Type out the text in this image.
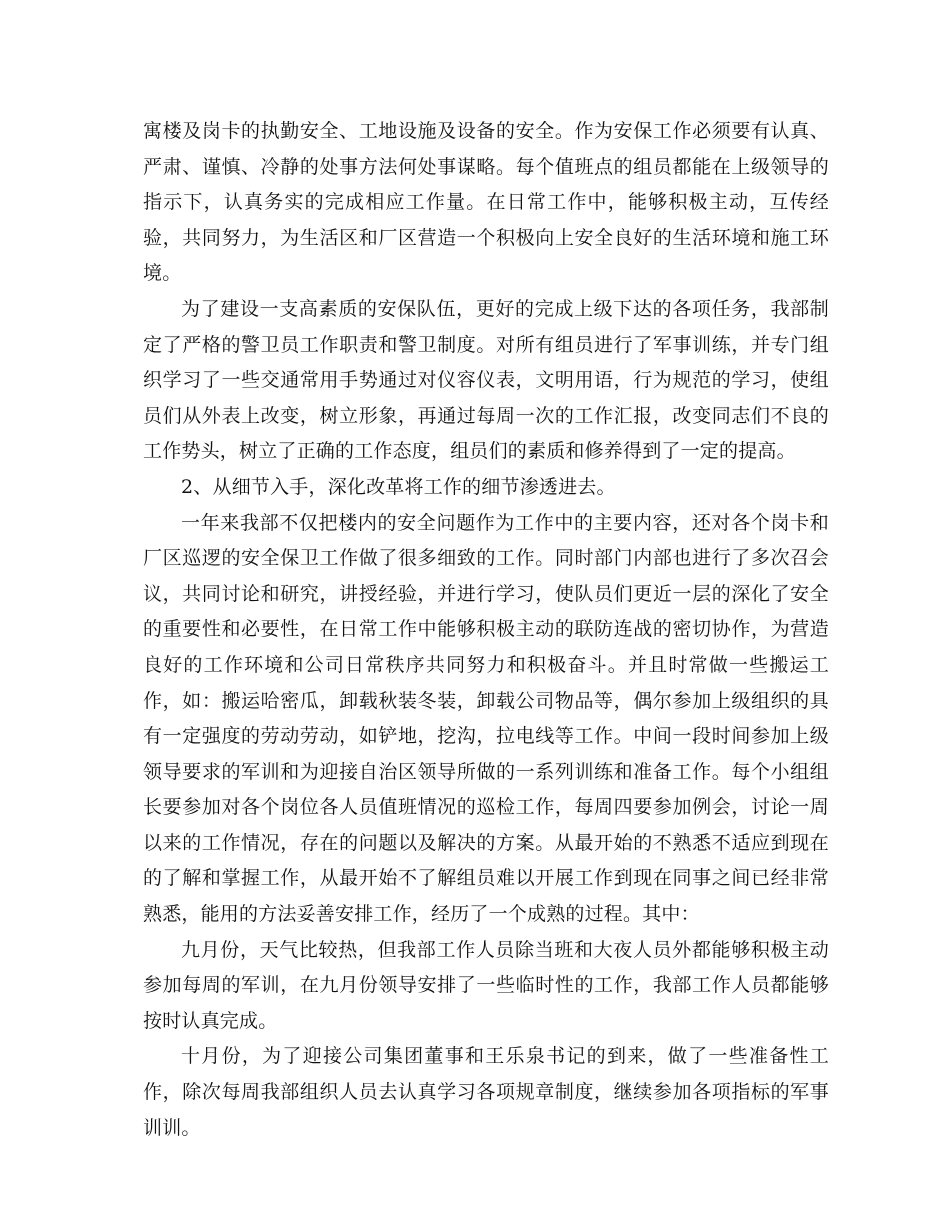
寓楼及岗卡的执勤安全、工地设施及设备的安全。作为安保工作必须要有认真、严肃、谨慎、冷静的处事方法何处事谋略。每个值班点的组员都能在上级领导的指示下，认真务实的完成相应工作量。在日常工作中，能够积极主动，互传经验，共同努力，为生活区和厂区营造一个积极向上安全良好的生活环境和施工环境。

为了建设一支高素质的安保队伍，更好的完成上级下达的各项任务，我部制定了严格的警卫员工作职责和警卫制度。对所有组员进行了军事训练，并专门组织学习了一些交通常用手势通过对仪容仪表，文明用语，行为规范的学习，使组员们从外表上改变，树立形象，再通过每周一次的工作汇报，改变同志们不良的工作势头，树立了正确的工作态度，组员们的素质和修养得到了一定的提高。

2、从细节入手，深化改革将工作的细节渗透进去。

一年来我部不仅把楼内的安全问题作为工作中的主要内容，还对各个岗卡和厂区巡逻的安全保卫工作做了很多细致的工作。同时部门内部也进行了多次召会议，共同讨论和研究，讲授经验，并进行学习，使队员们更近一层的深化了安全的重要性和必要性，在日常工作中能够积极主动的联防连战的密切协作，为营造良好的工作环境和公司日常秩序共同努力和积极奋斗。并且时常做一些搬运工作，如：搬运哈密瓜，卸载秋装冬装，卸载公司物品等，偶尔参加上级组织的具有一定强度的劳动劳动，如铲地，挖沟，拉电线等工作。中间一段时间参加上级领导要求的军训和为迎接自治区领导所做的一系列训练和准备工作。每个小组组长要参加对各个岗位各人员值班情况的巡检工作，每周四要参加例会，讨论一周以来的工作情况，存在的问题以及解决的方案。从最开始的不熟悉不适应到现在的了解和掌握工作，从最开始不了解组员难以开展工作到现在同事之间已经非常熟悉，能用的方法妥善安排工作，经历了一个成熟的过程。其中：

九月份，天气比较热，但我部工作人员除当班和大夜人员外都能够积极主动参加每周的军训，在九月份领导安排了一些临时性的工作，我部工作人员都能够按时认真完成。

十月份，为了迎接公司集团董事和王乐泉书记的到来，做了一些准备性工作，除次每周我部组织人员去认真学习各项规章制度，继续参加各项指标的军事训训。
